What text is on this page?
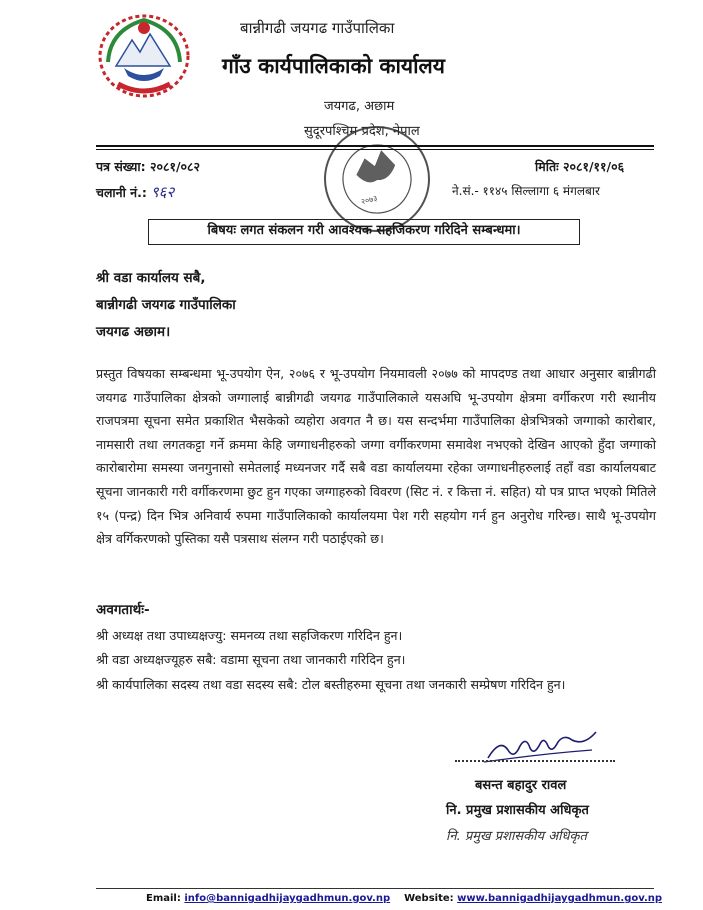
बान्नीगढी जयगढ गाउँपालिका
गाँउ कार्यपालिकाको कार्यालय
जयगढ, अछाम
सुदूरपश्चिम प्रदेश, नेपाल
२०७३
पत्र संख्या: २०८१/०८२	मितिः २०८१/११/०६
चलानी नं.: ९६२	ने.सं.- ११४५ सिल्लागा ६ मंगलबार
बिषयः लगत संकलन गरी आवश्यक सहजिकरण गरिदिने सम्बन्धमा।
श्री वडा कार्यालय सबै,
बान्नीगढी जयगढ गाउँपालिका
जयगढ अछाम।
प्रस्तुत विषयका सम्बन्धमा भू-उपयोग ऐन, २०७६ र भू-उपयोग नियमावली २०७७ को मापदण्ड तथा आधार अनुसार बान्नीगढी जयगढ गाउँपालिका क्षेत्रको जग्गालाई बान्नीगढी जयगढ गाउँपालिकाले यसअघि भू-उपयोग क्षेत्रमा वर्गीकरण गरी स्थानीय राजपत्रमा सूचना समेत प्रकाशित भैसकेको व्यहोरा अवगत नै छ। यस सन्दर्भमा गाउँपालिका क्षेत्रभित्रको जग्गाको कारोबार, नामसारी तथा लगतकट्टा गर्ने क्रममा केहि जग्गाधनीहरुको जग्गा वर्गीकरणमा समावेश नभएको देखिन आएको हुँदा जग्गाको कारोबारोमा समस्या जनगुनासो समेतलाई मध्यनजर गर्दै सबै वडा कार्यालयमा रहेका जग्गाधनीहरुलाई तहाँ वडा कार्यालयबाट सूचना जानकारी गरी वर्गीकरणमा छुट हुन गएका जग्गाहरुको विवरण (सिट नं. र कित्ता नं. सहित) यो पत्र प्राप्त भएको मितिले १५ (पन्द्र) दिन भित्र अनिवार्य रुपमा गाउँपालिकाको कार्यालयमा पेश गरी सहयोग गर्न हुन अनुरोध गरिन्छ। साथै भू-उपयोग क्षेत्र वर्गिकरणको पुस्तिका यसै पत्रसाथ संलग्न गरी पठाईएको छ।
अवगतार्थः-
श्री अध्यक्ष तथा उपाध्यक्षज्यु: समनव्य तथा सहजिकरण गरिदिन हुन।
श्री वडा अध्यक्षज्यूहरु सबै: वडामा सूचना तथा जानकारी गरिदिन हुन।
श्री कार्यपालिका सदस्य तथा वडा सदस्य सबै: टोल बस्तीहरुमा सूचना तथा जनकारी सम्प्रेषण गरिदिन हुन।
बसन्त बहादुर रावल
नि. प्रमुख प्रशासकीय अधिकृत
नि. प्रमुख प्रशासकीय अधिकृत
Email: info@bannigadhijaygadhmun.gov.np Website: www.bannigadhijaygadhmun.gov.np
